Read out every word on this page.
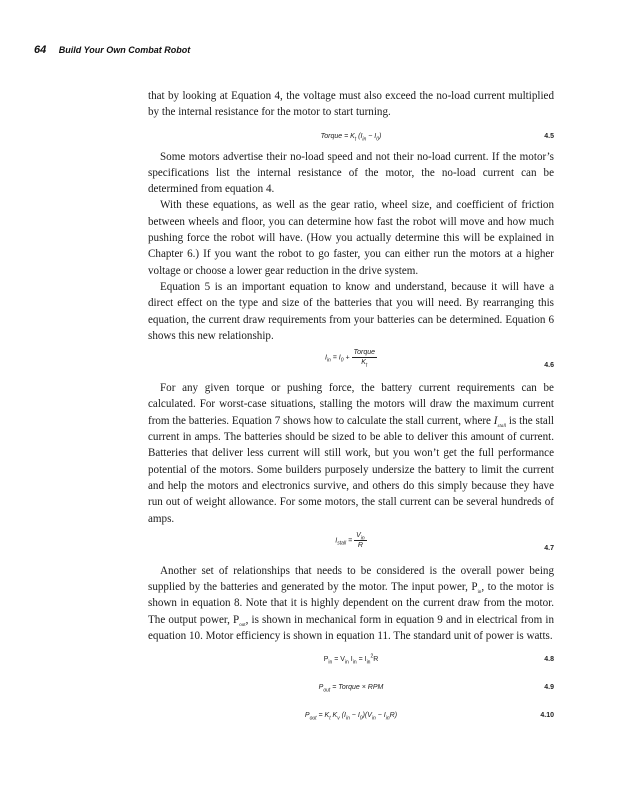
64 Build Your Own Combat Robot

that by looking at Equation 4, the voltage must also exceed the no-load current multiplied by the internal resistance for the motor to start turning.

Torque = $K_t$ $(I_{in} - I_0)$	4.5

Some motors advertise their no-load speed and not their no-load current. If the motor’s specifications list the internal resistance of the motor, the no-load current can be determined from equation 4.

With these equations, as well as the gear ratio, wheel size, and coefficient of friction between wheels and floor, you can determine how fast the robot will move and how much pushing force the robot will have. (How you actually determine this will be explained in Chapter 6.) If you want the robot to go faster, you can either run the motors at a higher voltage or choose a lower gear reduction in the drive system.

Equation 5 is an important equation to know and understand, because it will have a direct effect on the type and size of the batteries that you will need. By rearranging this equation, the current draw requirements from your batteries can be determined. Equation 6 shows this new relationship.

$I_{in} = I_0 + \frac{\text{Torque}}{K_t}$	4.6

For any given torque or pushing force, the battery current requirements can be calculated. For worst-case situations, stalling the motors will draw the maximum current from the batteries. Equation 7 shows how to calculate the stall current, where $I_{stall}$ is the stall current in amps. The batteries should be sized to be able to deliver this amount of current. Batteries that deliver less current will still work, but you won’t get the full performance potential of the motors. Some builders purposely undersize the battery to limit the current and help the motors and electronics survive, and others do this simply because they have run out of weight allowance. For some motors, the stall current can be several hundreds of amps.

$I_{stall} = \frac{V_{in}}{R}$	4.7

Another set of relationships that needs to be considered is the overall power being supplied by the batteries and generated by the motor. The input power, $P_{in}$, to the motor is shown in equation 8. Note that it is highly dependent on the current draw from the motor. The output power, $P_{out}$, is shown in mechanical form in equation 9 and in electrical from in equation 10. Motor efficiency is shown in equation 11. The standard unit of power is watts.

$P_{in} = V_{in}$ $I_{in} = I_{in}^2R$	4.8
$P_{out}$ = Torque × RPM	4.9
$P_{out} = K_t$ $K_v$ $(I_{in} - I_0)(V_{in} - I_{in}R)$	4.10
